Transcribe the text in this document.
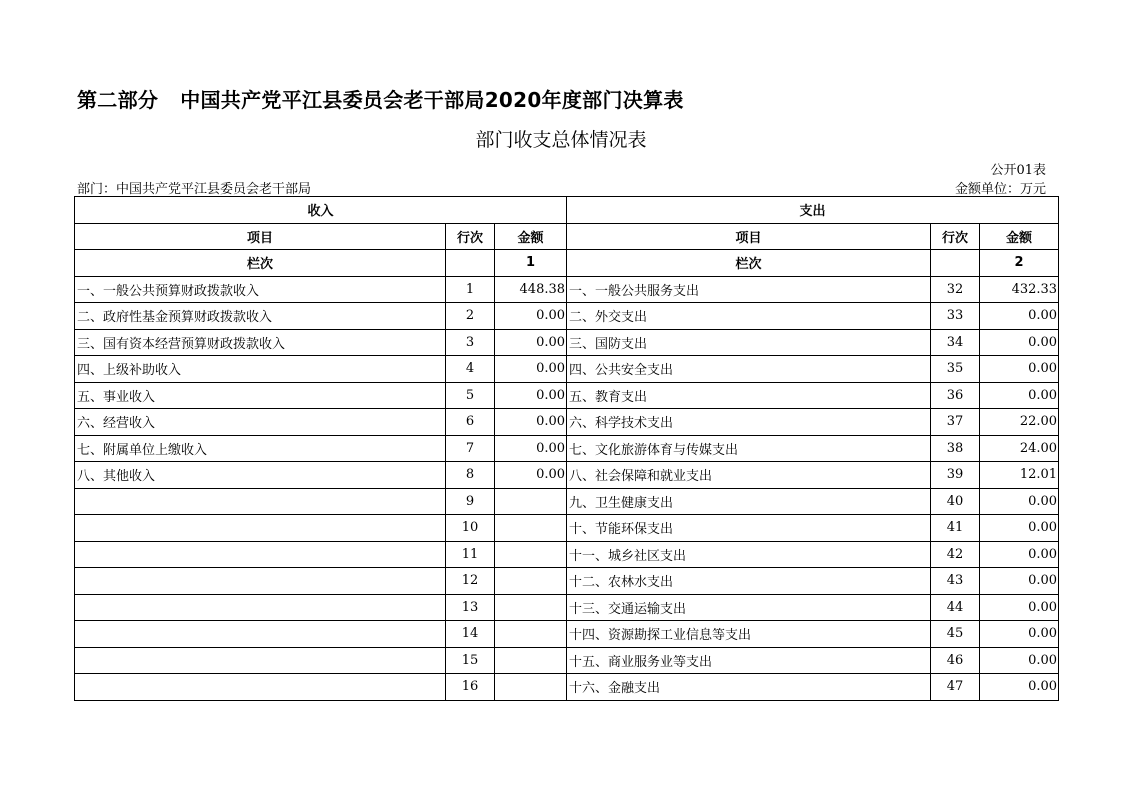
第二部分 中国共产党平江县委员会老干部局2020年度部门决算表
部门收支总体情况表
公开01表
部门：中国共产党平江县委员会老干部局	金额单位：万元
收入			支出		
项目	行次	金额	项目	行次	金额
栏次		1	栏次		2
一、一般公共预算财政拨款收入	1	448.38	一、一般公共服务支出	32	432.33
二、政府性基金预算财政拨款收入	2	0.00	二、外交支出	33	0.00
三、国有资本经营预算财政拨款收入	3	0.00	三、国防支出	34	0.00
四、上级补助收入	4	0.00	四、公共安全支出	35	0.00
五、事业收入	5	0.00	五、教育支出	36	0.00
六、经营收入	6	0.00	六、科学技术支出	37	22.00
七、附属单位上缴收入	7	0.00	七、文化旅游体育与传媒支出	38	24.00
八、其他收入	8	0.00	八、社会保障和就业支出	39	12.01
	9		九、卫生健康支出	40	0.00
	10		十、节能环保支出	41	0.00
	11		十一、城乡社区支出	42	0.00
	12		十二、农林水支出	43	0.00
	13		十三、交通运输支出	44	0.00
	14		十四、资源勘探工业信息等支出	45	0.00
	15		十五、商业服务业等支出	46	0.00
	16		十六、金融支出	47	0.00
